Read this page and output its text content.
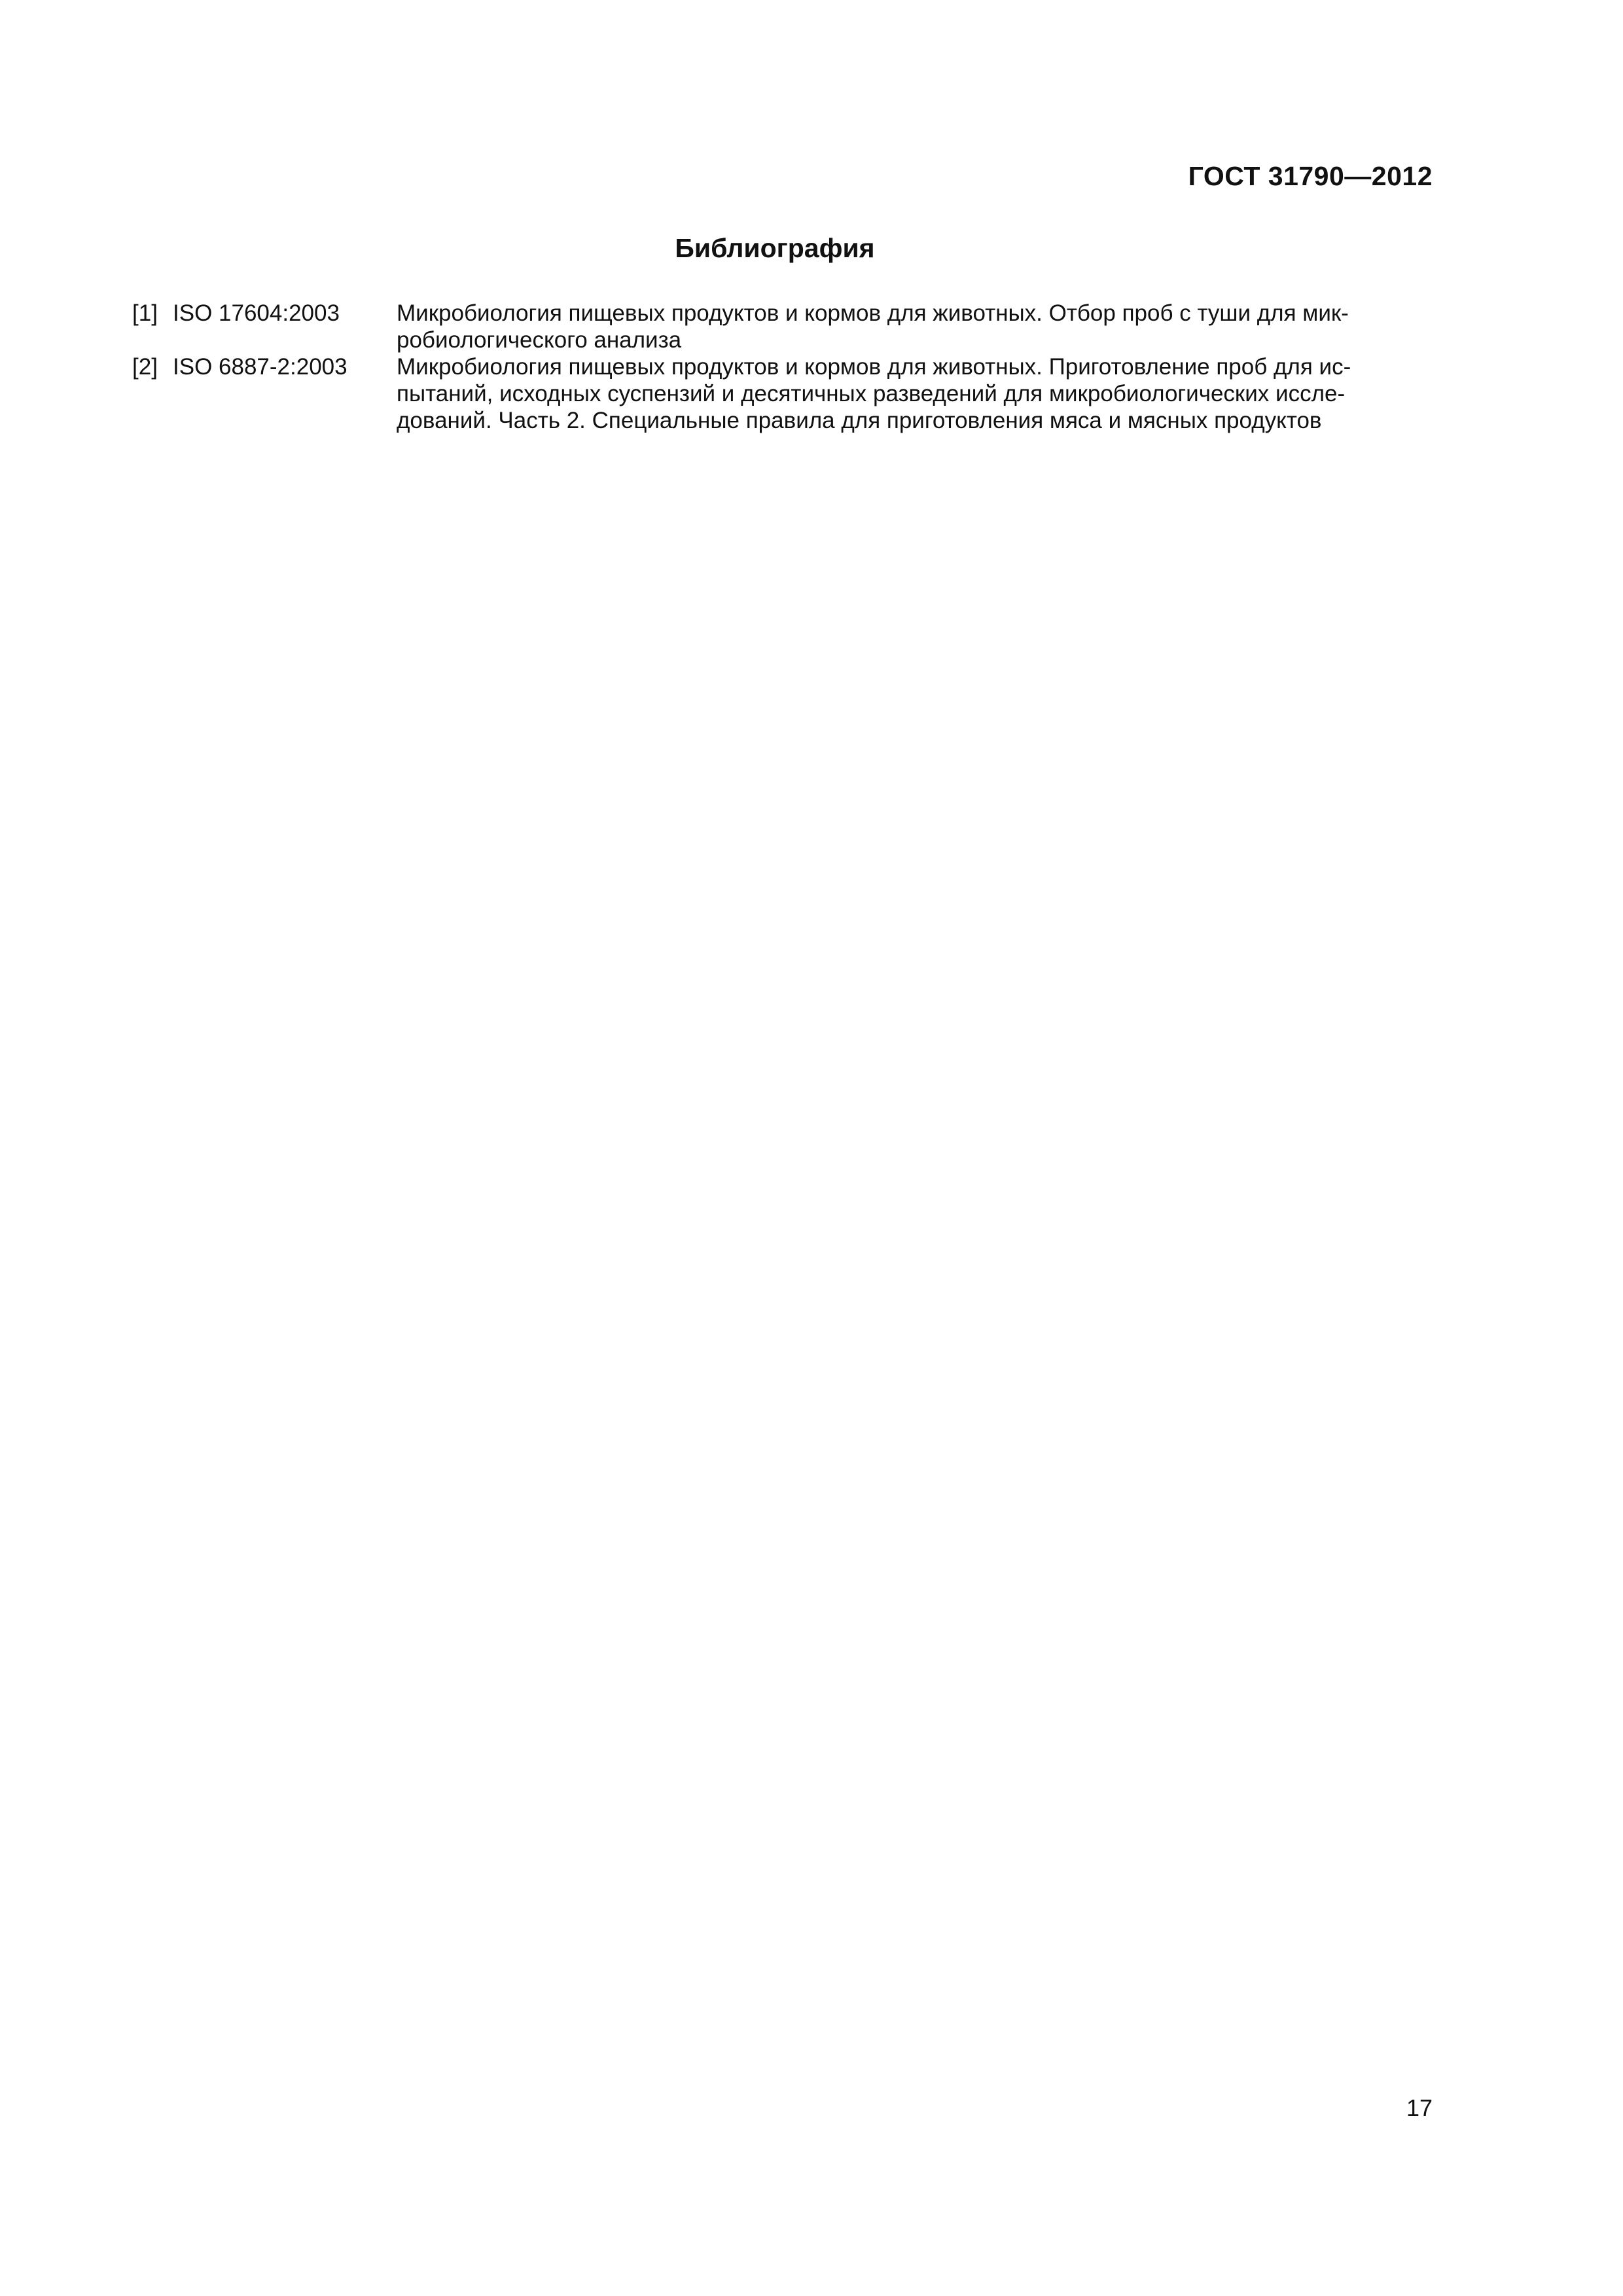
ГОСТ 31790—2012
Библиография
[1] ISO 17604:2003 Микробиология пищевых продуктов и кормов для животных. Отбор проб с туши для мик-
робиологического анализа
[2] ISO 6887-2:2003 Микробиология пищевых продуктов и кормов для животных. Приготовление проб для ис-
пытаний, исходных суспензий и десятичных разведений для микробиологических иссле-
дований. Часть 2. Специальные правила для приготовления мяса и мясных продуктов
17
